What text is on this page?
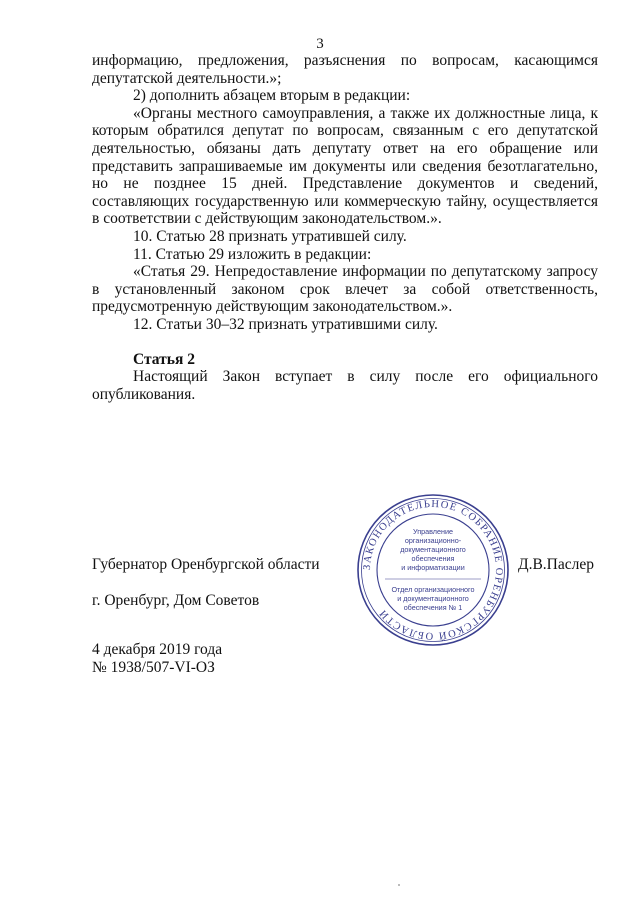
3

информацию, предложения, разъяснения по вопросам, касающимся депутатской деятельности.»;

2) дополнить абзацем вторым в редакции:

«Органы местного самоуправления, а также их должностные лица, к которым обратился депутат по вопросам, связанным с его депутатской деятельностью, обязаны дать депутату ответ на его обращение или представить запрашиваемые им документы или сведения безотлагательно, но не позднее 15 дней. Представление документов и сведений, составляющих государственную или коммерческую тайну, осуществляется в соответствии с действующим законодательством.».

10. Статью 28 признать утратившей силу.

11. Статью 29 изложить в редакции:

«Статья 29. Непредоставление информации по депутатскому запросу в установленный законом срок влечет за собой ответственность, предусмотренную действующим законодательством.».

12. Статьи 30–32 признать утратившими силу.

Статья 2

Настоящий Закон вступает в силу после его официального опубликования.

Губернатор Оренбургской области	Д.В.Паслер
г. Оренбург, Дом Советов
4 декабря 2019 года
№ 1938/507-VI-ОЗ
ЗАКОНОДАТЕЛЬНОЕ СОБРАНИЕ ОРЕНБУРГСКОЙ ОБЛАСТИ
Управление
организационно-
документационного
обеспечения
и информатизации
Отдел организационного
и документационного
обеспечения № 1
